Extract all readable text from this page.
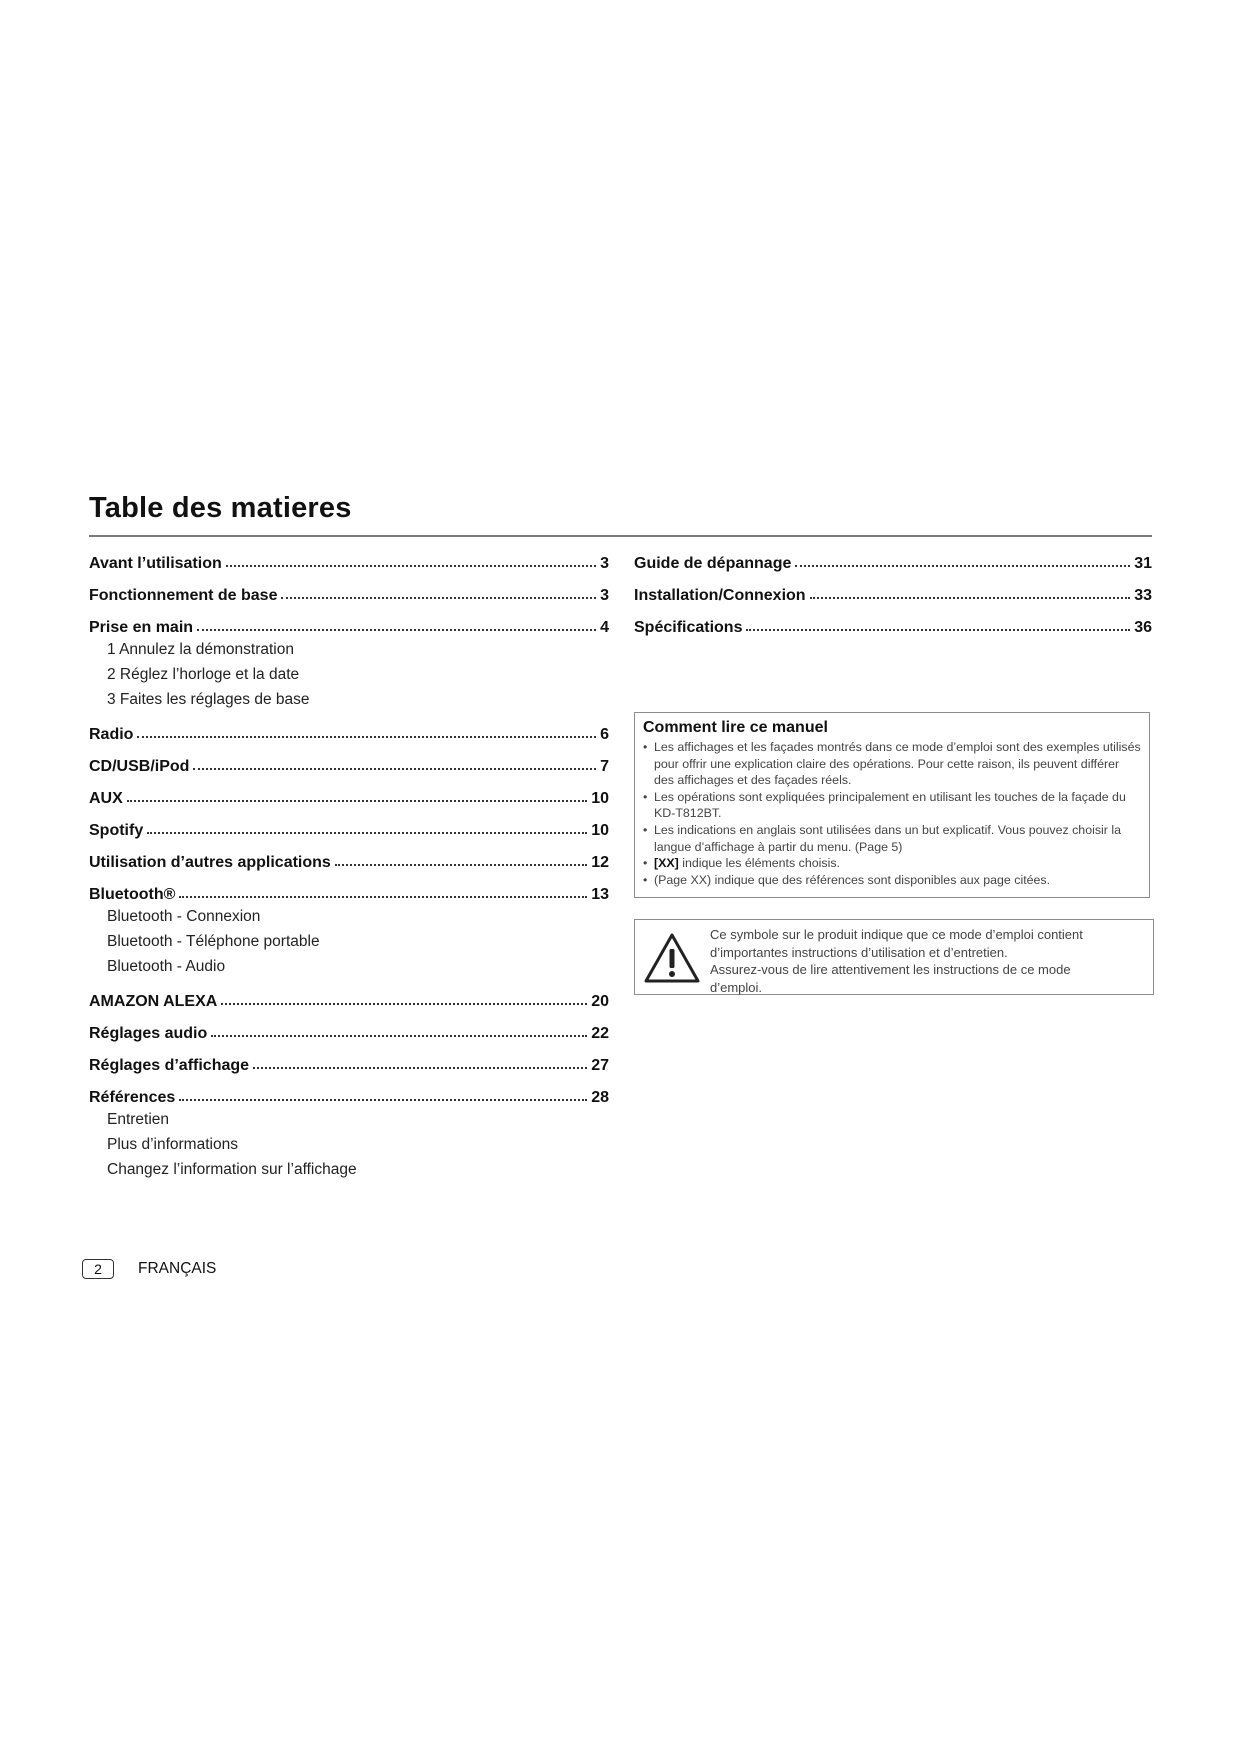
Table des matieres
Avant l’utilisation	3
Fonctionnement de base	3
Prise en main	4
1 Annulez la démonstration
2 Réglez l’horloge et la date
3 Faites les réglages de base
Radio	6
CD/USB/iPod	7
AUX	10
Spotify	10
Utilisation d’autres applications	12
Bluetooth®	13
Bluetooth - Connexion
Bluetooth - Téléphone portable
Bluetooth - Audio
AMAZON ALEXA	20
Réglages audio	22
Réglages d’affichage	27
Références	28
Entretien
Plus d’informations
Changez l’information sur l’affichage
Guide de dépannage	31
Installation/Connexion	33
Spécifications	36
Comment lire ce manuel
• Les affichages et les façades montrés dans ce mode d’emploi sont des exemples utilisés pour offrir une explication claire des opérations. Pour cette raison, ils peuvent différer des affichages et des façades réels.
• Les opérations sont expliquées principalement en utilisant les touches de la façade du KD-T812BT.
• Les indications en anglais sont utilisées dans un but explicatif. Vous pouvez choisir la langue d’affichage à partir du menu. (Page 5)
• [XX] indique les éléments choisis.
• (Page XX) indique que des références sont disponibles aux page citées.
Ce symbole sur le produit indique que ce mode d’emploi contient
d’importantes instructions d’utilisation et d’entretien.
Assurez-vous de lire attentivement les instructions de ce mode
d’emploi.
2	FRANÇAIS
